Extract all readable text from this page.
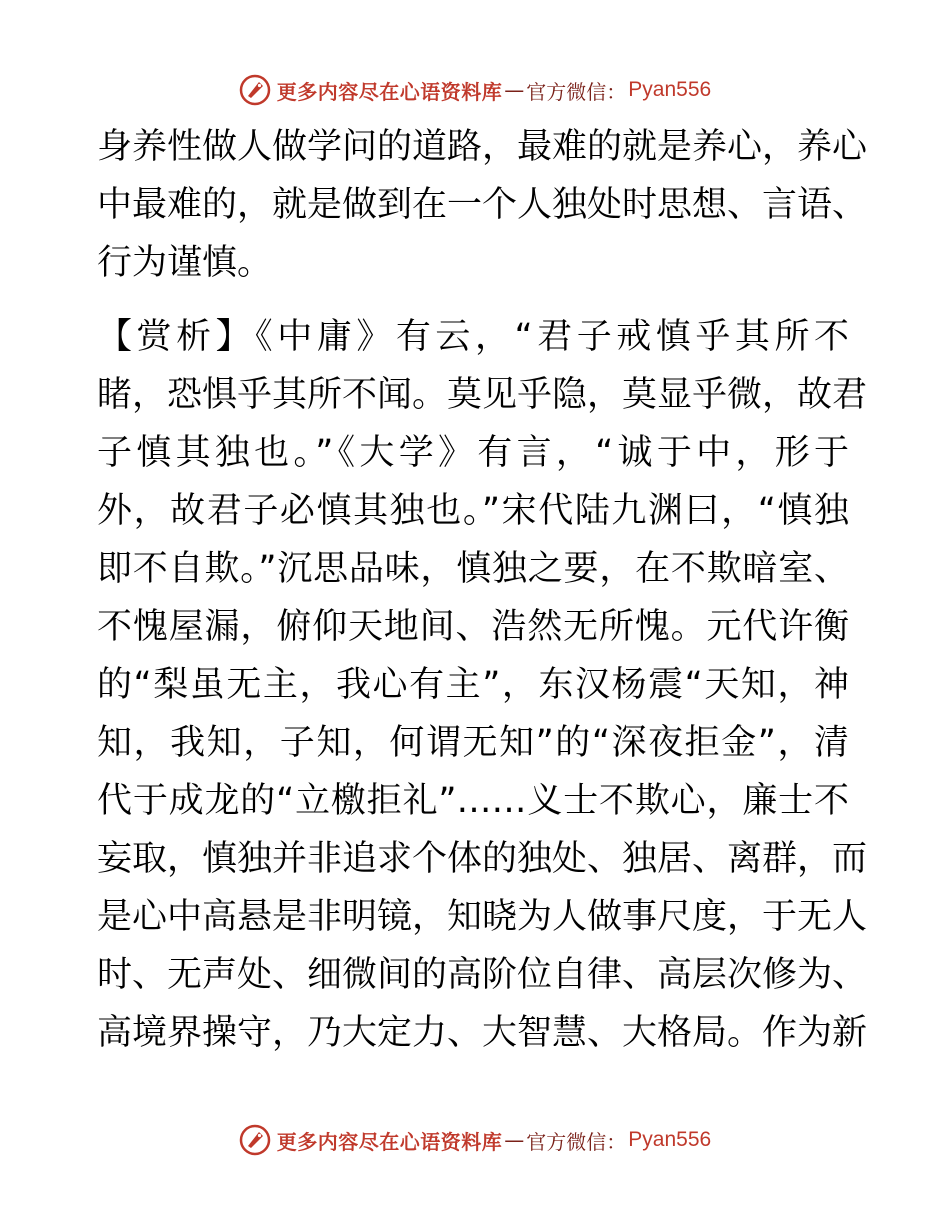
更多内容尽在心语资料库 — 官方微信： Pyan556
身养性做人做学问的道路，最难的就是养心，养心
中最难的，就是做到在一个人独处时思想、言语、
行为谨慎。
【赏析】《中庸》有云，“君子戒慎乎其所不
睹，恐惧乎其所不闻。莫见乎隐，莫显乎微，故君
子慎其独也。”《大学》有言，“诚于中，形于
外，故君子必慎其独也。”宋代陆九渊曰，“慎独
即不自欺。”沉思品味，慎独之要，在不欺暗室、
不愧屋漏，俯仰天地间、浩然无所愧。元代许衡
的“梨虽无主，我心有主”，东汉杨震“天知，神
知，我知，子知，何谓无知”的“深夜拒金”，清
代于成龙的“立檄拒礼”……义士不欺心，廉士不
妄取，慎独并非追求个体的独处、独居、离群，而
是心中高悬是非明镜，知晓为人做事尺度，于无人
时、无声处、细微间的高阶位自律、高层次修为、
高境界操守，乃大定力、大智慧、大格局。作为新
更多内容尽在心语资料库 — 官方微信： Pyan556
